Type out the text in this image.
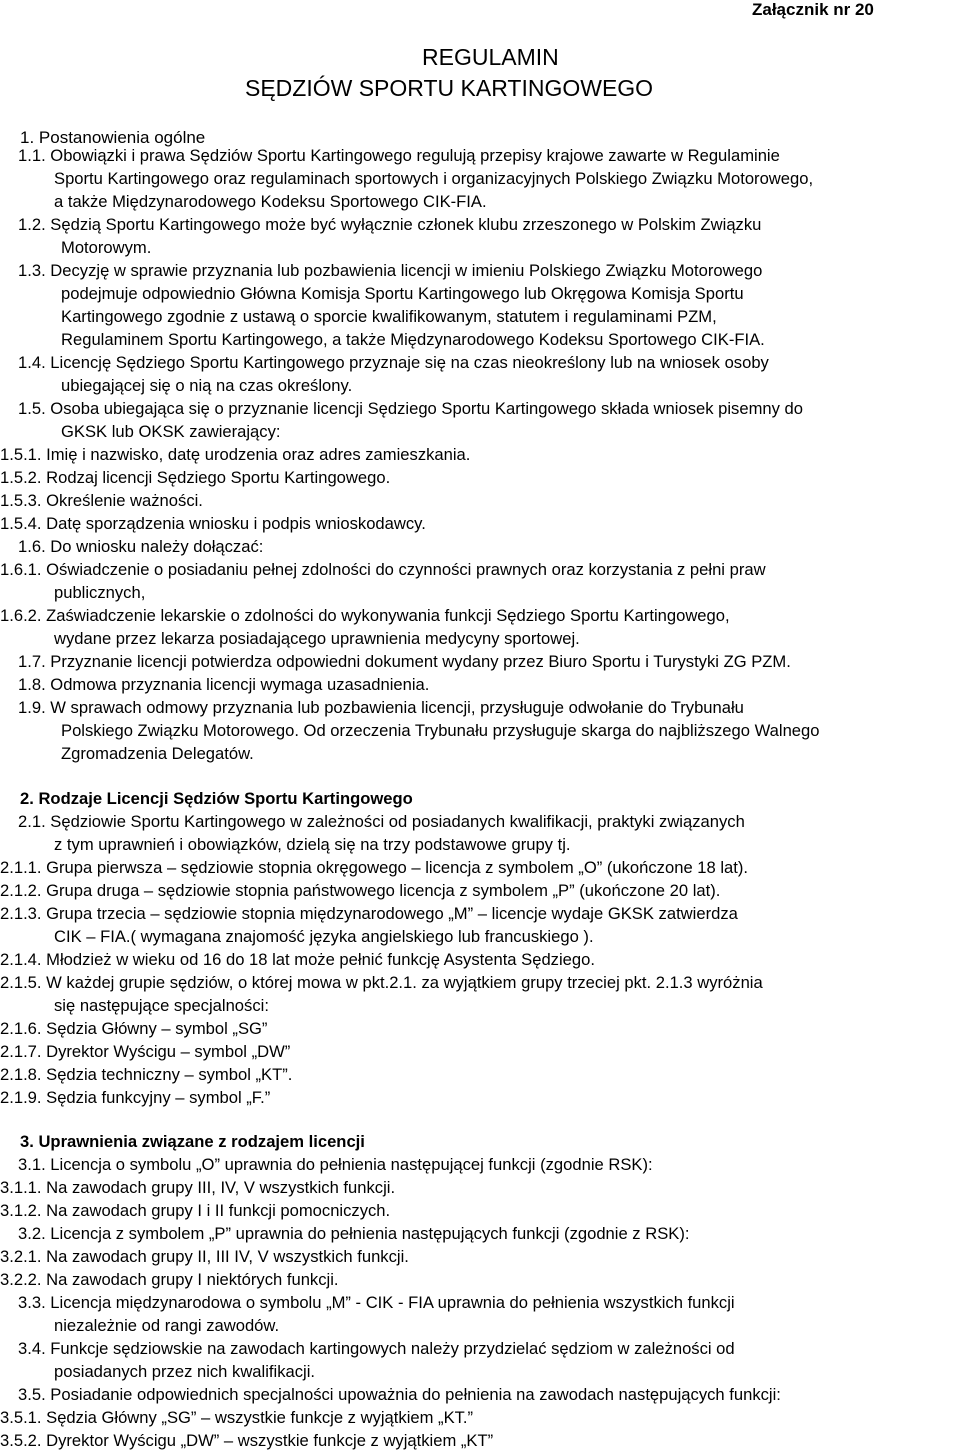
Załącznik nr 20
REGULAMIN
SĘDZIÓW SPORTU KARTINGOWEGO
1. Postanowienia ogólne
1.1. Obowiązki i prawa Sędziów Sportu Kartingowego regulują przepisy krajowe zawarte w Regulaminie
Sportu Kartingowego oraz regulaminach sportowych i organizacyjnych Polskiego Związku Motorowego,
a także Międzynarodowego Kodeksu Sportowego CIK-FIA.
1.2. Sędzią Sportu Kartingowego może być wyłącznie członek klubu zrzeszonego w Polskim Związku
Motorowym.
1.3. Decyzję w sprawie przyznania lub pozbawienia licencji w imieniu Polskiego Związku Motorowego
podejmuje odpowiednio Główna Komisja Sportu Kartingowego lub Okręgowa Komisja Sportu
Kartingowego zgodnie z ustawą o sporcie kwalifikowanym, statutem i regulaminami PZM,
Regulaminem Sportu Kartingowego, a także Międzynarodowego Kodeksu Sportowego CIK-FIA.
1.4. Licencję Sędziego Sportu Kartingowego przyznaje się na czas nieokreślony lub na wniosek osoby
ubiegającej się o nią na czas określony.
1.5. Osoba ubiegająca się o przyznanie licencji Sędziego Sportu Kartingowego składa wniosek pisemny do
GKSK lub OKSK zawierający:
1.5.1. Imię i nazwisko, datę urodzenia oraz adres zamieszkania.
1.5.2. Rodzaj licencji Sędziego Sportu Kartingowego.
1.5.3. Określenie ważności.
1.5.4. Datę sporządzenia wniosku i podpis wnioskodawcy.
1.6. Do wniosku należy dołączać:
1.6.1. Oświadczenie o posiadaniu pełnej zdolności do czynności prawnych oraz korzystania z pełni praw
publicznych,
1.6.2. Zaświadczenie lekarskie o zdolności do wykonywania funkcji Sędziego Sportu Kartingowego,
wydane przez lekarza posiadającego uprawnienia medycyny sportowej.
1.7. Przyznanie licencji potwierdza odpowiedni dokument wydany przez Biuro Sportu i Turystyki ZG PZM.
1.8. Odmowa przyznania licencji wymaga uzasadnienia.
1.9. W sprawach odmowy przyznania lub pozbawienia licencji, przysługuje odwołanie do Trybunału
Polskiego Związku Motorowego. Od orzeczenia Trybunału przysługuje skarga do najbliższego Walnego
Zgromadzenia Delegatów.
2. Rodzaje Licencji Sędziów Sportu Kartingowego
2.1. Sędziowie Sportu Kartingowego w zależności od posiadanych kwalifikacji, praktyki związanych
z tym uprawnień i obowiązków, dzielą się na trzy podstawowe grupy tj.
2.1.1. Grupa pierwsza – sędziowie stopnia okręgowego – licencja z symbolem „O” (ukończone 18 lat).
2.1.2. Grupa druga – sędziowie stopnia państwowego licencja z symbolem „P” (ukończone 20 lat).
2.1.3. Grupa trzecia – sędziowie stopnia międzynarodowego „M” – licencje wydaje GKSK zatwierdza
CIK – FIA.( wymagana znajomość języka angielskiego lub francuskiego ).
2.1.4. Młodzież w wieku od 16 do 18 lat może pełnić funkcję Asystenta Sędziego.
2.1.5. W każdej grupie sędziów, o której mowa w pkt.2.1. za wyjątkiem grupy trzeciej pkt. 2.1.3 wyróżnia
się następujące specjalności:
2.1.6. Sędzia Główny – symbol „SG”
2.1.7. Dyrektor Wyścigu – symbol „DW”
2.1.8. Sędzia techniczny – symbol „KT”.
2.1.9. Sędzia funkcyjny – symbol „F.”
3. Uprawnienia związane z rodzajem licencji
3.1. Licencja o symbolu „O” uprawnia do pełnienia następującej funkcji (zgodnie RSK):
3.1.1. Na zawodach grupy III, IV, V wszystkich funkcji.
3.1.2. Na zawodach grupy I i II funkcji pomocniczych.
3.2. Licencja z symbolem „P” uprawnia do pełnienia następujących funkcji (zgodnie z RSK):
3.2.1. Na zawodach grupy II, III IV, V wszystkich funkcji.
3.2.2. Na zawodach grupy I niektórych funkcji.
3.3. Licencja międzynarodowa o symbolu „M” - CIK - FIA uprawnia do pełnienia wszystkich funkcji
niezależnie od rangi zawodów.
3.4. Funkcje sędziowskie na zawodach kartingowych należy przydzielać sędziom w zależności od
posiadanych przez nich kwalifikacji.
3.5. Posiadanie odpowiednich specjalności upoważnia do pełnienia na zawodach następujących funkcji:
3.5.1. Sędzia Główny „SG” – wszystkie funkcje z wyjątkiem „KT.”
3.5.2. Dyrektor Wyścigu „DW” – wszystkie funkcje z wyjątkiem „KT”
